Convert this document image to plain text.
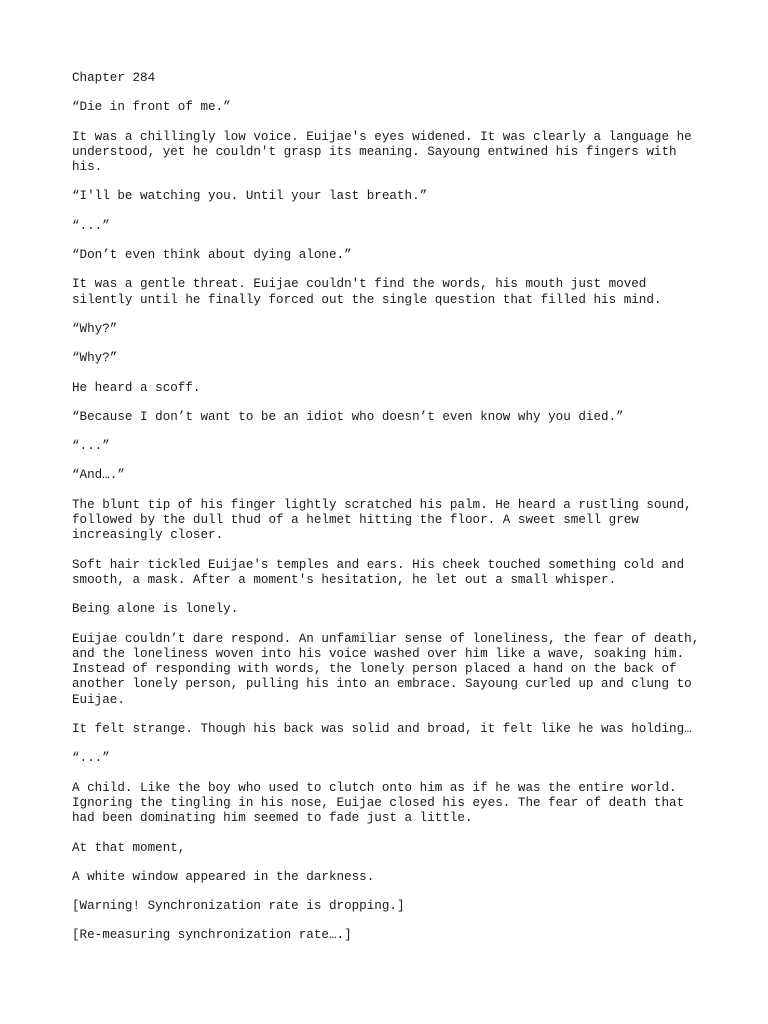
Chapter 284

“Die in front of me.”

It was a chillingly low voice. Euijae's eyes widened. It was clearly a language he understood, yet he couldn't grasp its meaning. Sayoung entwined his fingers with his.

“I'll be watching you. Until your last breath.”

“...”

“Don’t even think about dying alone.”

It was a gentle threat. Euijae couldn't find the words, his mouth just moved silently until he finally forced out the single question that filled his mind.

“Why?”

“Why?”

He heard a scoff.

“Because I don’t want to be an idiot who doesn’t even know why you died.”

“...”

“And….”

The blunt tip of his finger lightly scratched his palm. He heard a rustling sound, followed by the dull thud of a helmet hitting the floor. A sweet smell grew increasingly closer.

Soft hair tickled Euijae's temples and ears. His cheek touched something cold and smooth, a mask. After a moment's hesitation, he let out a small whisper.

Being alone is lonely.

Euijae couldn’t dare respond. An unfamiliar sense of loneliness, the fear of death, and the loneliness woven into his voice washed over him like a wave, soaking him. Instead of responding with words, the lonely person placed a hand on the back of another lonely person, pulling his into an embrace. Sayoung curled up and clung to Euijae.

It felt strange. Though his back was solid and broad, it felt like he was holding…

“...”

A child. Like the boy who used to clutch onto him as if he was the entire world. Ignoring the tingling in his nose, Euijae closed his eyes. The fear of death that had been dominating him seemed to fade just a little.

At that moment,

A white window appeared in the darkness.

[Warning! Synchronization rate is dropping.]

[Re-measuring synchronization rate….]
